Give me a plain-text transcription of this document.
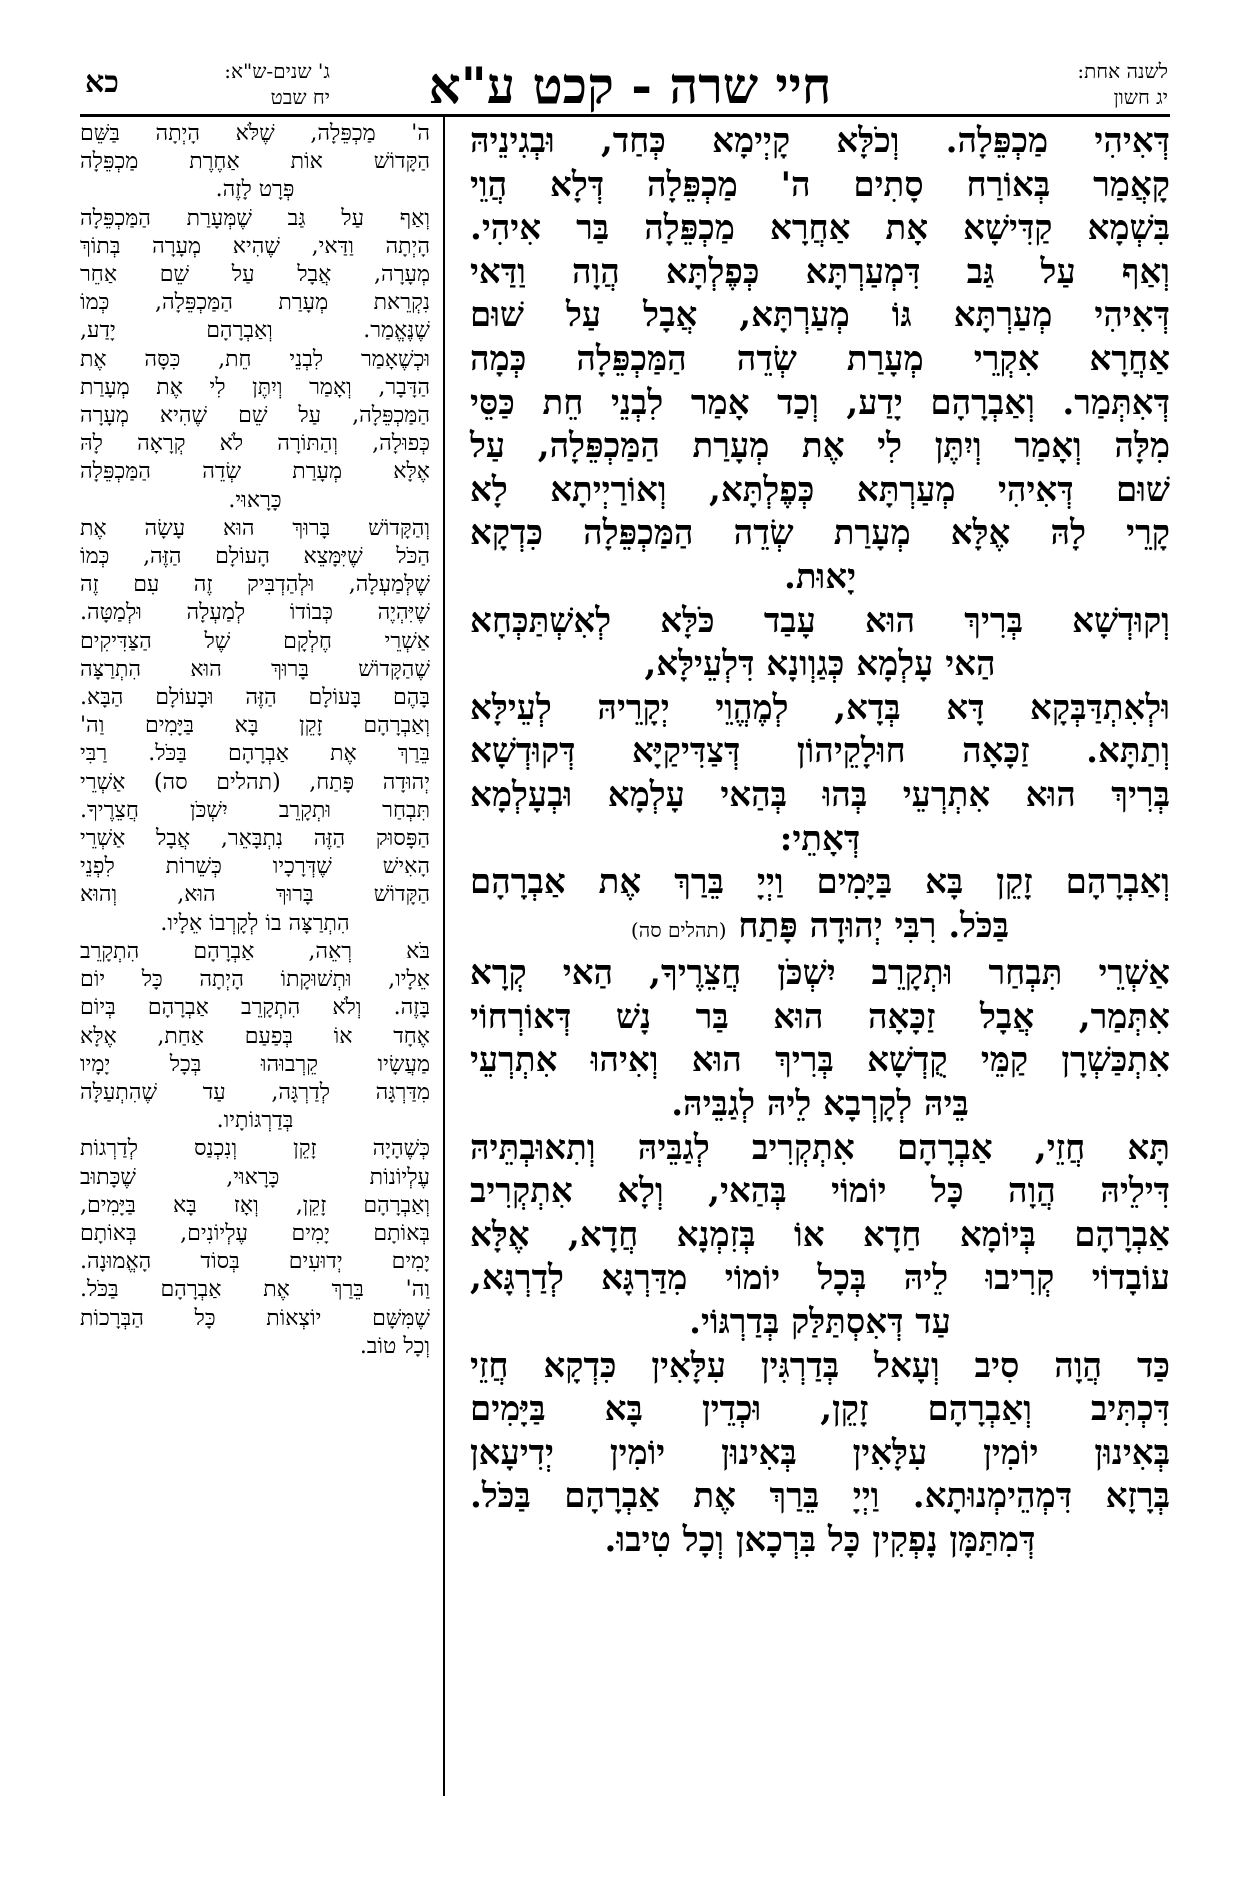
כא	ג' שנים-ש"א:
יח שבט	חיי שרה - קכט ע"א	לשנה אחת:
יג חשון
דְּאִיהִי מַכְפֵּלָה. וְכֹלָּא קָיְימָא כְּחַד, וּבְגִינֵיהּ
קָאֲמַר בְּאוֹרַח סָתִים ה' מַכְפֵּלָה דְּלָא הֲוֵי
בִּשְׁמָא קַדִּישָׁא אָת אַחֲרָא מַכְפֵּלָה בַּר אִיהִי.
וְאַף עַל גַּב דִּמְעַרְתָּא כְּפֶלְתָּא הֲוָה וַדַּאי
דְּאִיהִי מְעַרְתָּא גּוֹ מְעַרְתָּא, אֲבָל עַל שׁוּם
אַחֲרָא אִקְרֵי מְעָרַת שְׂדֵה הַמַּכְפֵּלָה כְּמָה
דְּאִתְּמַר. וְאַבְרָהָם יָדַע, וְכַד אָמַר לִבְנֵי חֵת כַּסֵּי
מִלָּה וְאָמַר וְיִתֶּן לִי אֶת מְעָרַת הַמַּכְפֵּלָה, עַל
שׁוּם דְּאִיהִי מְעַרְתָּא כְּפֶלְתָּא, וְאוֹרַיְיתָא לָא
קָרֵי לָהּ אֶלָּא מְעָרַת שְׂדֵה הַמַּכְפֵּלָה כִּדְקָא
יָאוּת.
וְקוּדְשָׁא בְּרִיךְ הוּא עָבַד כֹּלָּא לְאִשְׁתַּכְּחָא
הַאי עָלְמָא כְּגַוְונָא דִּלְעֵילָּא,
וּלְאִתְדַּבְּקָא דָּא בְּדָא, לְמֶהֱוֵי יְקָרֵיהּ לְעֵילָּא
וְתַתָּא. זַכָּאָה חוּלָקֵיהוֹן דְּצַדִּיקַיָּא דְּקוּדְשָׁא
בְּרִיךְ הוּא אִתְרְעֵי בְּהוּ בְּהַאי עָלְמָא וּבְעָלְמָא
דְּאָתֵי:
וְאַבְרָהָם זָקֵן בָּא בַּיָּמִים וַיְיָ בֵּרַךְ אֶת אַבְרָהָם
בַּכֹּל. רִבִּי יְהוּדָה פָּתַח (תהלים סה)
אַשְׁרֵי תִּבְחַר וּתְקָרֵב יִשְׁכֹּן חֲצֵרֶיךָ, הַאי קְרָא
אִתְּמַר, אֲבָל זַכָּאָה הוּא בַּר נָשׁ דְּאוֹרְחוֹי
אִתְכַּשְׁרָן קַמֵּי קֻדְשָׁא בְּרִיךְ הוּא וְאִיהוּ אִתְרְעֵי
בֵּיהּ לְקָרְבָא לֵיהּ לְגַבֵּיהּ.
תָּא חֲזֵי, אַבְרָהָם אִתְקְרִיב לְגַבֵּיהּ וְתִאוּבְתֵּיהּ
דִּילֵיהּ הֲוָה כָּל יוֹמוֹי בְּהַאי, וְלָא אִתְקְרִיב
אַבְרָהָם בְּיוֹמָא חַדָא אוֹ בְּזִמְנָא חֲדָא, אֶלָּא
עוֹבָדוֹי קְרִיבוּ לֵיהּ בְּכָל יוֹמוֹי מִדַּרְגָּא לְדַרְגָּא,
עַד דְּאִסְתַּלַּק בְּדַרְגּוֹי.
כַּד הֲוָה סִיב וְעָאל בְּדַרְגִּין עִלָּאִין כִּדְקָא חֲזֵי
דִּכְתִּיב וְאַבְרָהָם זָקֵן, וּכְדֵין בָּא בַּיָּמִים
בְּאִינוּן יוֹמִין עִלָּאִין בְּאִינוּן יוֹמִין יְדִיעָאן
בְּרָזָא דִּמְהֵימְנוּתָא. וַיְיָ בֵּרַךְ אֶת אַבְרָהָם בַּכֹּל.
דְּמִתַּמָּן נָפְקִין כָּל בִּרְכָאן וְכָל טִיבוּ.
ה' מַכְפֵּלָה, שֶׁלֹּא הָיְתָה בַּשֵּׁם
הַקָּדוֹשׁ אוֹת אַחֶרֶת מַכְפֵּלָה
פְּרָט לָזֶה.
וְאַף עַל גַּב שֶׁמְּעָרַת הַמַּכְפֵּלָה
הָיְתָה וַדַּאי, שֶׁהִיא מְעָרָה בְּתוֹךְ
מְעָרָה, אֲבָל עַל שֵׁם אַחֵר
נִקְרֵאת מְעָרַת הַמַּכְפֵּלָה, כְּמוֹ
שֶׁנֶּאֱמַר. וְאַבְרָהָם יָדַע,
וּכְשֶׁאָמַר לִבְנֵי חֵת, כִּסָּה אֶת
הַדָּבָר, וְאָמַר וְיִתֶּן לִי אֶת מְעָרַת
הַמַּכְפֵּלָה, עַל שֵׁם שֶׁהִיא מְעָרָה
כְּפוּלָה, וְהַתּוֹרָה לֹא קְרָאָה לָהּ
אֶלָּא מְעָרַת שְׂדֵה הַמַּכְפֵּלָה
כָּרָאוּי.
וְהַקָּדוֹשׁ בָּרוּךְ הוּא עָשָׂה אֶת
הַכֹּל שֶׁיִּמָּצֵא הָעוֹלָם הַזֶּה, כְּמוֹ
שֶׁלְּמַעְלָה, וּלְהַדְבִּיק זֶה עִם זֶה
שֶׁיִּהְיֶה כְּבוֹדוֹ לְמַעְלָה וּלְמַטָּה.
אַשְׁרֵי חֶלְקָם שֶׁל הַצַּדִּיקִים
שֶׁהַקָּדוֹשׁ בָּרוּךְ הוּא הִתְרַצָּה
בָּהֶם בָּעוֹלָם הַזֶּה וּבָעוֹלָם הַבָּא.
וְאַבְרָהָם זָקֵן בָּא בַּיָּמִים וַה'
בֵּרַךְ אֶת אַבְרָהָם בַּכֹּל. רַבִּי
יְהוּדָה פָּתַח, (תהלים סה) אַשְׁרֵי
תִּבְחַר וּתְקָרֵב יִשְׁכֹּן חֲצֵרֶיךָ.
הַפָּסוּק הַזֶּה נִתְבָּאֵר, אֲבָל אַשְׁרֵי
הָאִישׁ שֶׁדְּרָכָיו כְּשֵׁרוֹת לִפְנֵי
הַקָּדוֹשׁ בָּרוּךְ הוּא, וְהוּא
הִתְרַצָּה בוֹ לְקָרְבוֹ אֵלָיו.
בֹּא רְאֵה, אַבְרָהָם הִתְקָרֵב
אֵלָיו, וּתְשׁוּקָתוֹ הָיְתָה כָּל יוֹם
בָּזֶה. וְלֹא הִתְקָרֵב אַבְרָהָם בְּיוֹם
אֶחָד אוֹ בְּפַעַם אַחַת, אֶלָּא
מַעֲשָׂיו קֵרְבוּהוּ בְּכָל יָמָיו
מִדַּרְגָּה לְדַרְגָּה, עַד שֶׁהִתְעַלָּה
בְּדַרְגּוֹתָיו.
כְּשֶׁהָיָה זָקֵן וְנִכְנַס לְדַרְגוֹת
עֶלְיוֹנוֹת כָּרָאוּי, שֶׁכָּתוּב
וְאַבְרָהָם זָקֵן, וְאָז בָּא בַּיָּמִים,
בְּאוֹתָם יָמִים עֶלְיוֹנִים, בְּאוֹתָם
יָמִים יְדוּעִים בְּסוֹד הָאֱמוּנָה.
וַה' בֵּרַךְ אֶת אַבְרָהָם בַּכֹּל.
שֶׁמִּשָּׁם יוֹצְאוֹת כָּל הַבְּרָכוֹת
וְכָל טוֹב.
